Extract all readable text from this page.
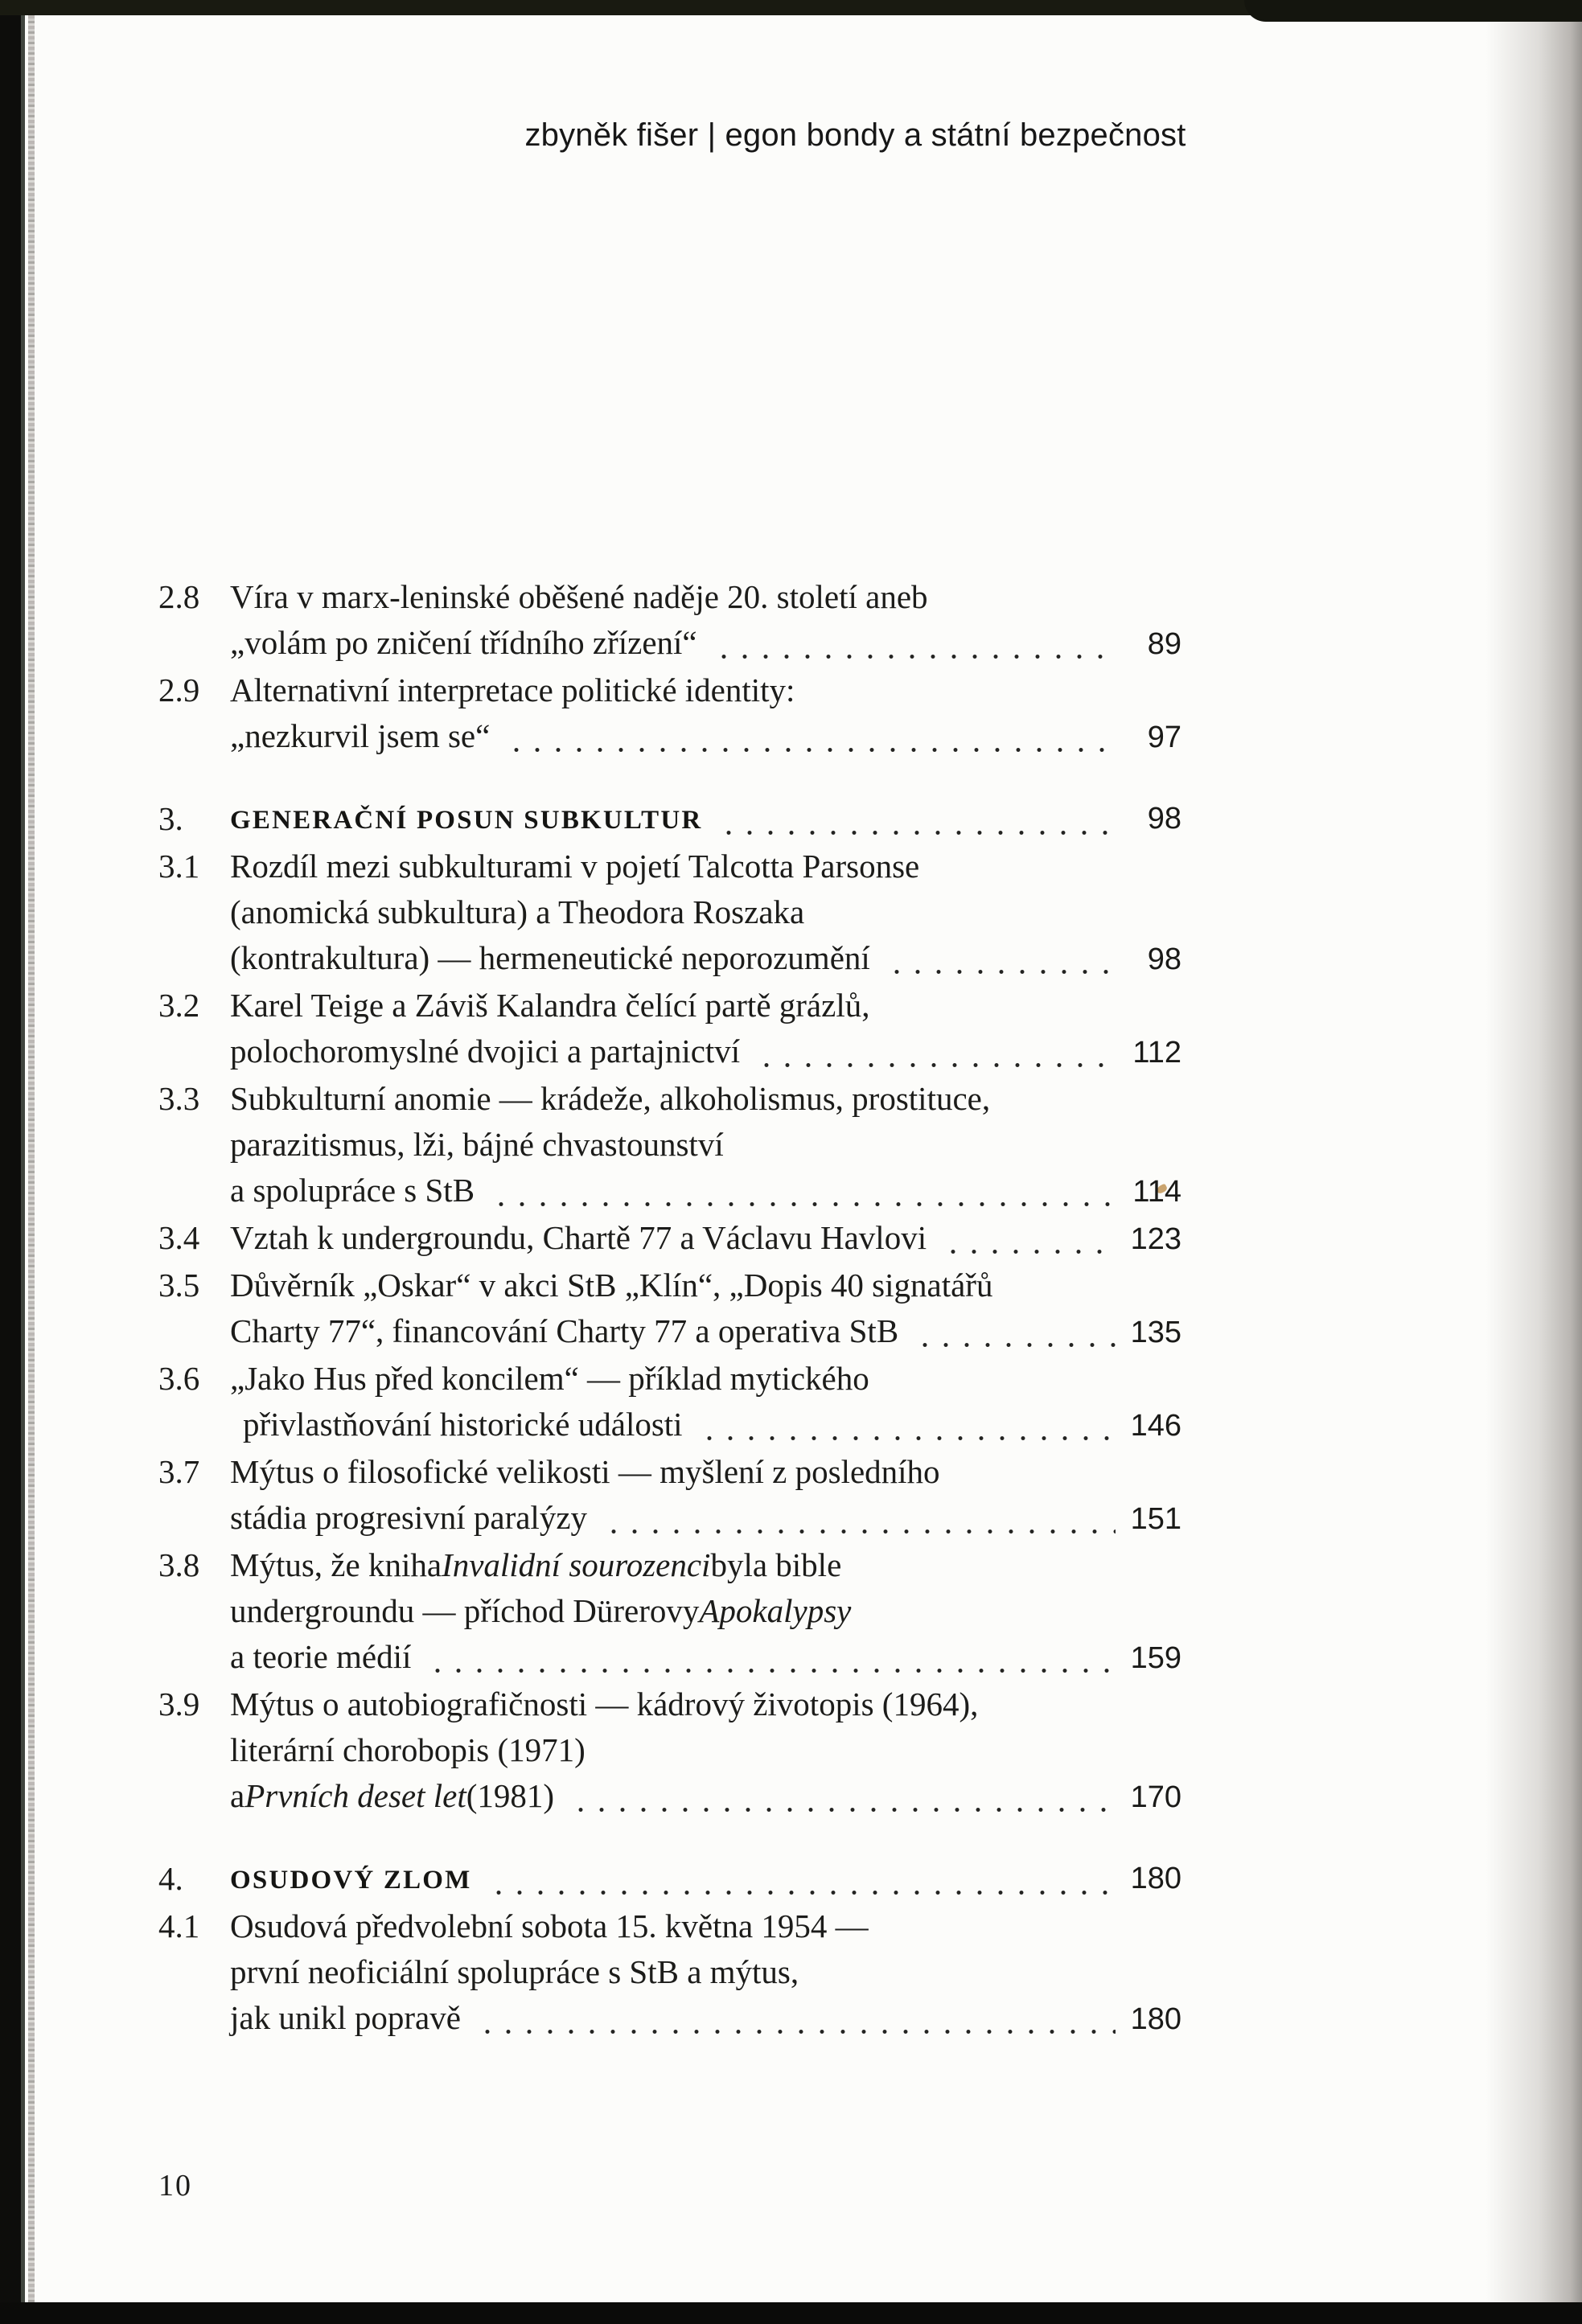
zbyněk fišer | egon bondy a státní bezpečnost
2.8 Víra v marx-leninské oběšené naděje 20. století aneb
„volám po zničení třídního zřízení“	89
2.9 Alternativní interpretace politické identity:
„nezkurvil jsem se“	97
3.	GENERAČNÍ POSUN SUBKULTUR	98
3.1 Rozdíl mezi subkulturami v pojetí Talcotta Parsonse
(anomická subkultura) a Theodora Roszaka
(kontrakultura) — hermeneutické neporozumění	98
3.2 Karel Teige a Záviš Kalandra čelící partě grázlů,
polochoromyslné dvojici a partajnictví	112
3.3 Subkulturní anomie — krádeže, alkoholismus, prostituce,
parazitismus, lži, bájné chvastounství
a spolupráce s StB	114
3.4 Vztah k undergroundu, Chartě 77 a Václavu Havlovi	123
3.5 Důvěrník „Oskar“ v akci StB „Klín“, „Dopis 40 signatářů
Charty 77“, financování Charty 77 a operativa StB	135
3.6 „Jako Hus před koncilem“ — příklad mytického
přivlastňování historické události	146
3.7 Mýtus o filosofické velikosti — myšlení z posledního
stádia progresivní paralýzy	151
3.8 Mýtus, že kniha Invalidní sourozenci byla bible
undergroundu — příchod Dürerovy Apokalypsy
a teorie médií	159
3.9 Mýtus o autobiografičnosti — kádrový životopis (1964),
literární chorobopis (1971)
a Prvních deset let (1981)	170
4.	OSUDOVÝ ZLOM	180
4.1 Osudová předvolební sobota 15. května 1954 —
první neoficiální spolupráce s StB a mýtus,
jak unikl popravě	180
10
